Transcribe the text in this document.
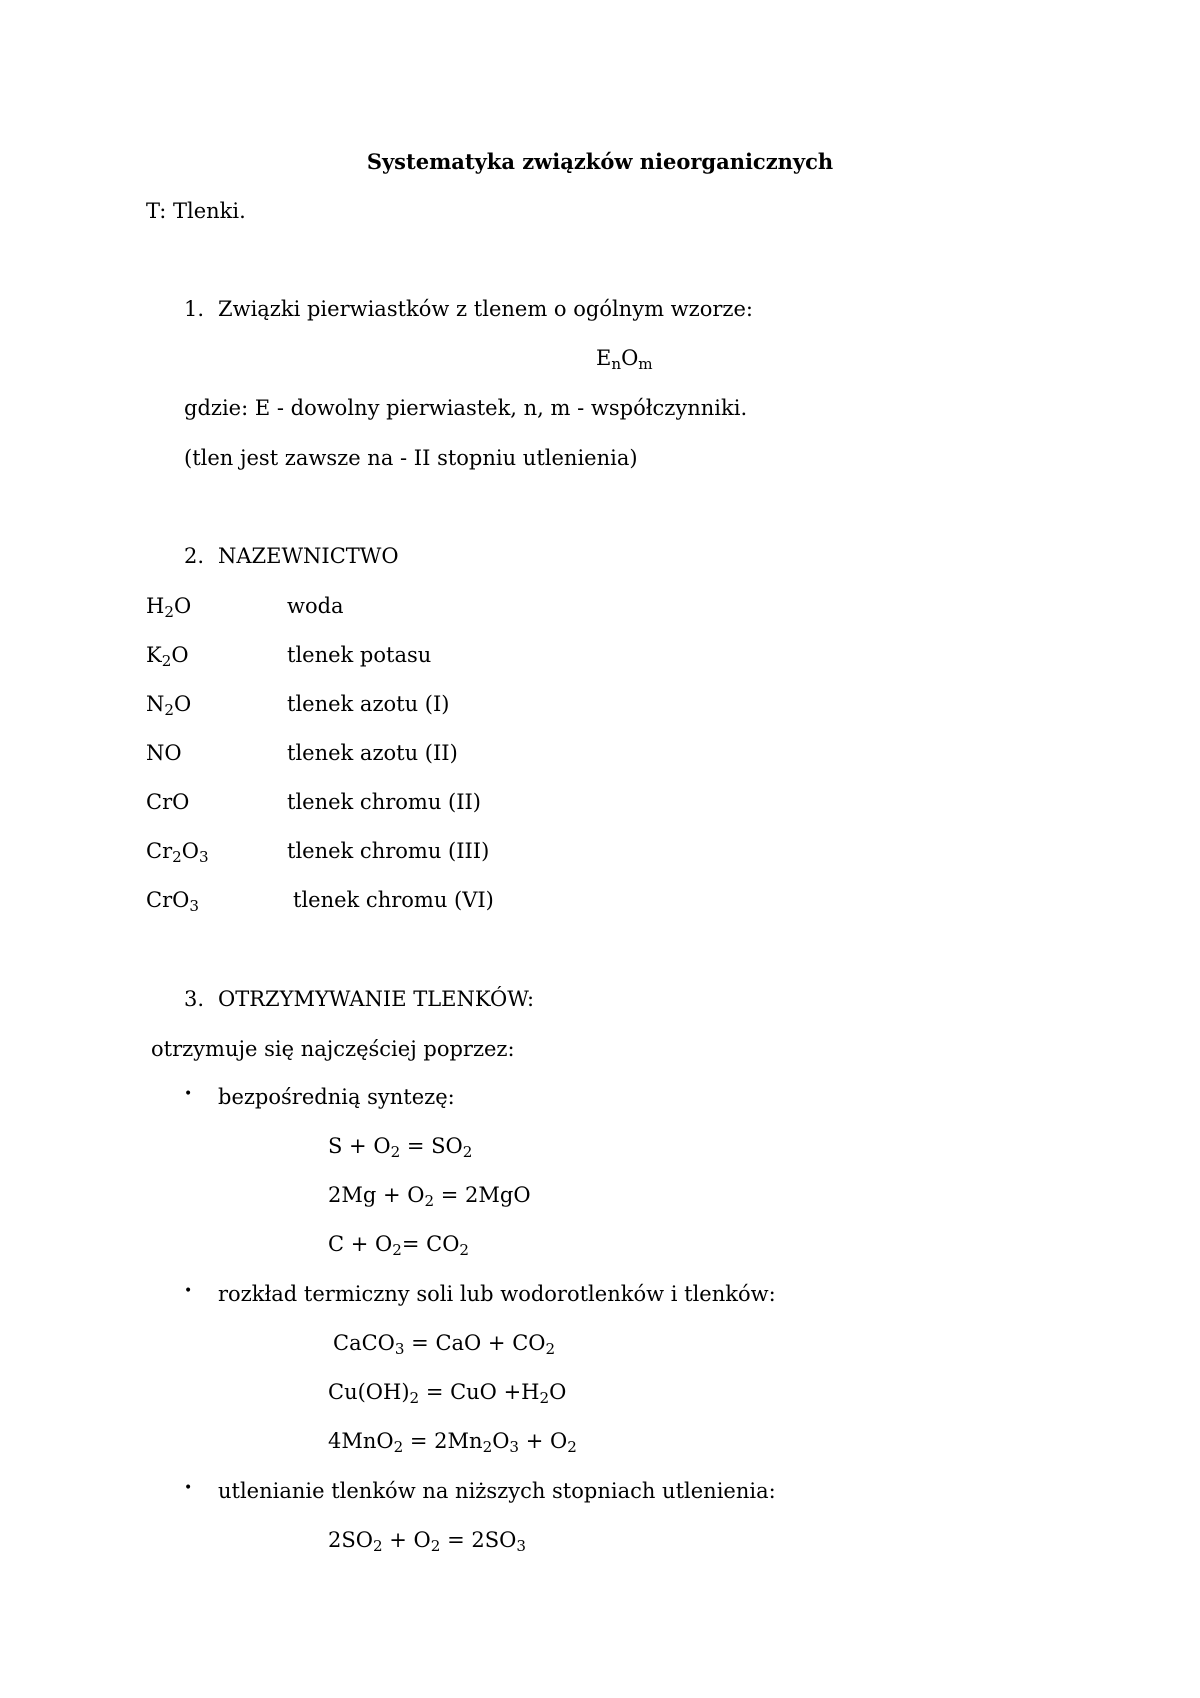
Systematyka związków nieorganicznych
T: Tlenki.
1. Związki pierwiastków z tlenem o ogólnym wzorze:
$E_nO_m$
gdzie: E - dowolny pierwiastek, n, m - współczynniki.
(tlen jest zawsze na - II stopniu utlenienia)
2. NAZEWNICTWO
$H_2O$	woda
$K_2O$	tlenek potasu
$N_2O$	tlenek azotu (I)
NO	tlenek azotu (II)
CrO	tlenek chromu (II)
$Cr_2O_3$	tlenek chromu (III)
CrO$_3$	tlenek chromu (VI)
3. OTRZYMYWANIE TLENKÓW:
otrzymuje się najczęściej poprzez:
• bezpośrednią syntezę:
$S + O_2 = SO_2$
$2Mg + O_2 = 2MgO$
$C + O_2= CO_2$
• rozkład termiczny soli lub wodorotlenków i tlenków:
CaCO$_3$ = CaO + $CO_2$
$Cu(OH)_2$ = CuO $+H_2O$
$4MnO_2 = 2Mn_2O_3 + O_2$
• utlenianie tlenków na niższych stopniach utlenienia:
$2SO_2 + O_2 = 2SO_3$
